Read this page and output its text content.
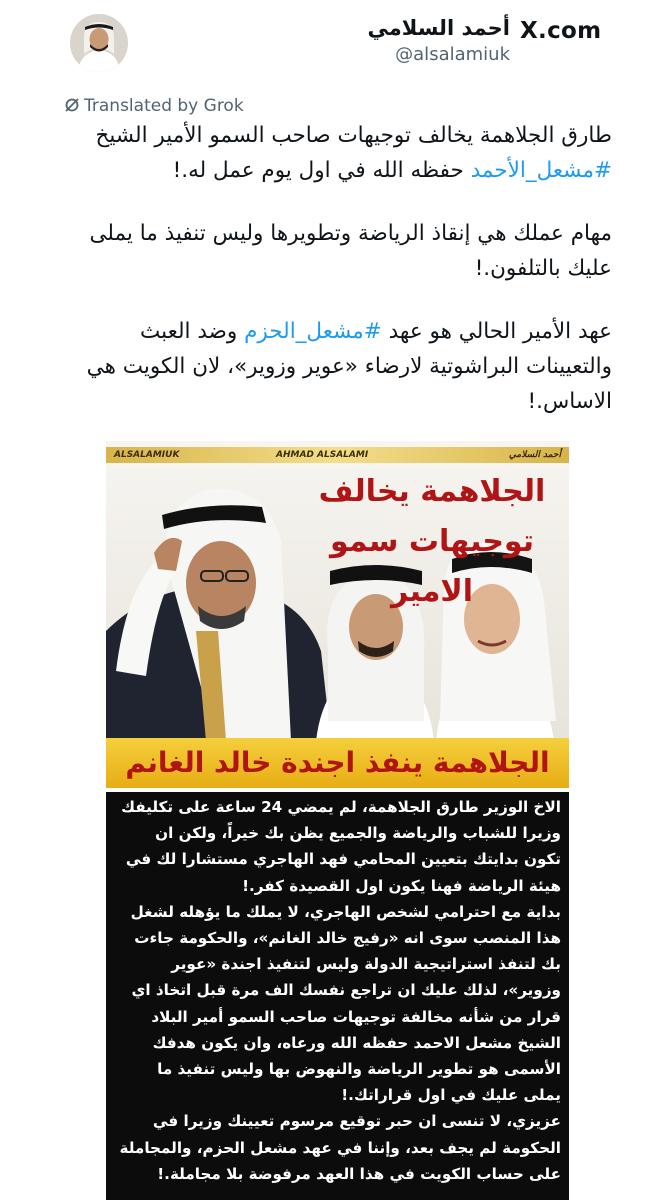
أحمد السلامي
@alsalamiuk
X.com
Translated by Grok

طارق الجلاهمة يخالف توجيهات صاحب السمو الأمير الشيخ #مشعل_الأحمد حفظه الله في اول يوم عمل له.!

مهام عملك هي إنقاذ الرياضة وتطويرها وليس تنفيذ ما يملى عليك بالتلفون.!

عهد الأمير الحالي هو عهد #مشعل_الحزم وضد العبث والتعيينات البراشوتية لارضاء «عوير وزوير»، لان الكويت هي الاساس.!

ALSALAMIUK	AHMAD ALSALAMI	أحمد السلامي
الجلاهمة يخالف
توجيهات سمو الامير
الجلاهمة ينفذ اجندة خالد الغانم

الاخ الوزير طارق الجلاهمة، لم يمضي 24 ساعة على تكليفك وزيرا للشباب والرياضة والجميع يظن بك خيراً، ولكن ان تكون بدايتك بتعيين المحامي فهد الهاجري مستشارا لك في هيئة الرياضة فهنا يكون اول القصيدة كفر.!

بداية مع احترامي لشخص الهاجري، لا يملك ما يؤهله لشغل هذا المنصب سوى انه «رفيج خالد الغانم»، والحكومة جاءت بك لتنفذ استراتيجية الدولة وليس لتنفيذ اجندة «عوير وزوير»، لذلك عليك ان تراجع نفسك الف مرة قبل اتخاذ اي قرار من شأنه مخالفة توجيهات صاحب السمو أمير البلاد الشيخ مشعل الاحمد حفظه الله ورعاه، وان يكون هدفك الأسمى هو تطوير الرياضة والنهوض بها وليس تنفيذ ما يملى عليك في اول قراراتك.!

عزيزي، لا تنسى ان حبر توقيع مرسوم تعيينك وزيرا في الحكومة لم يجف بعد، وإننا في عهد مشعل الحزم، والمجاملة على حساب الكويت في هذا العهد مرفوضة بلا مجاملة.!
